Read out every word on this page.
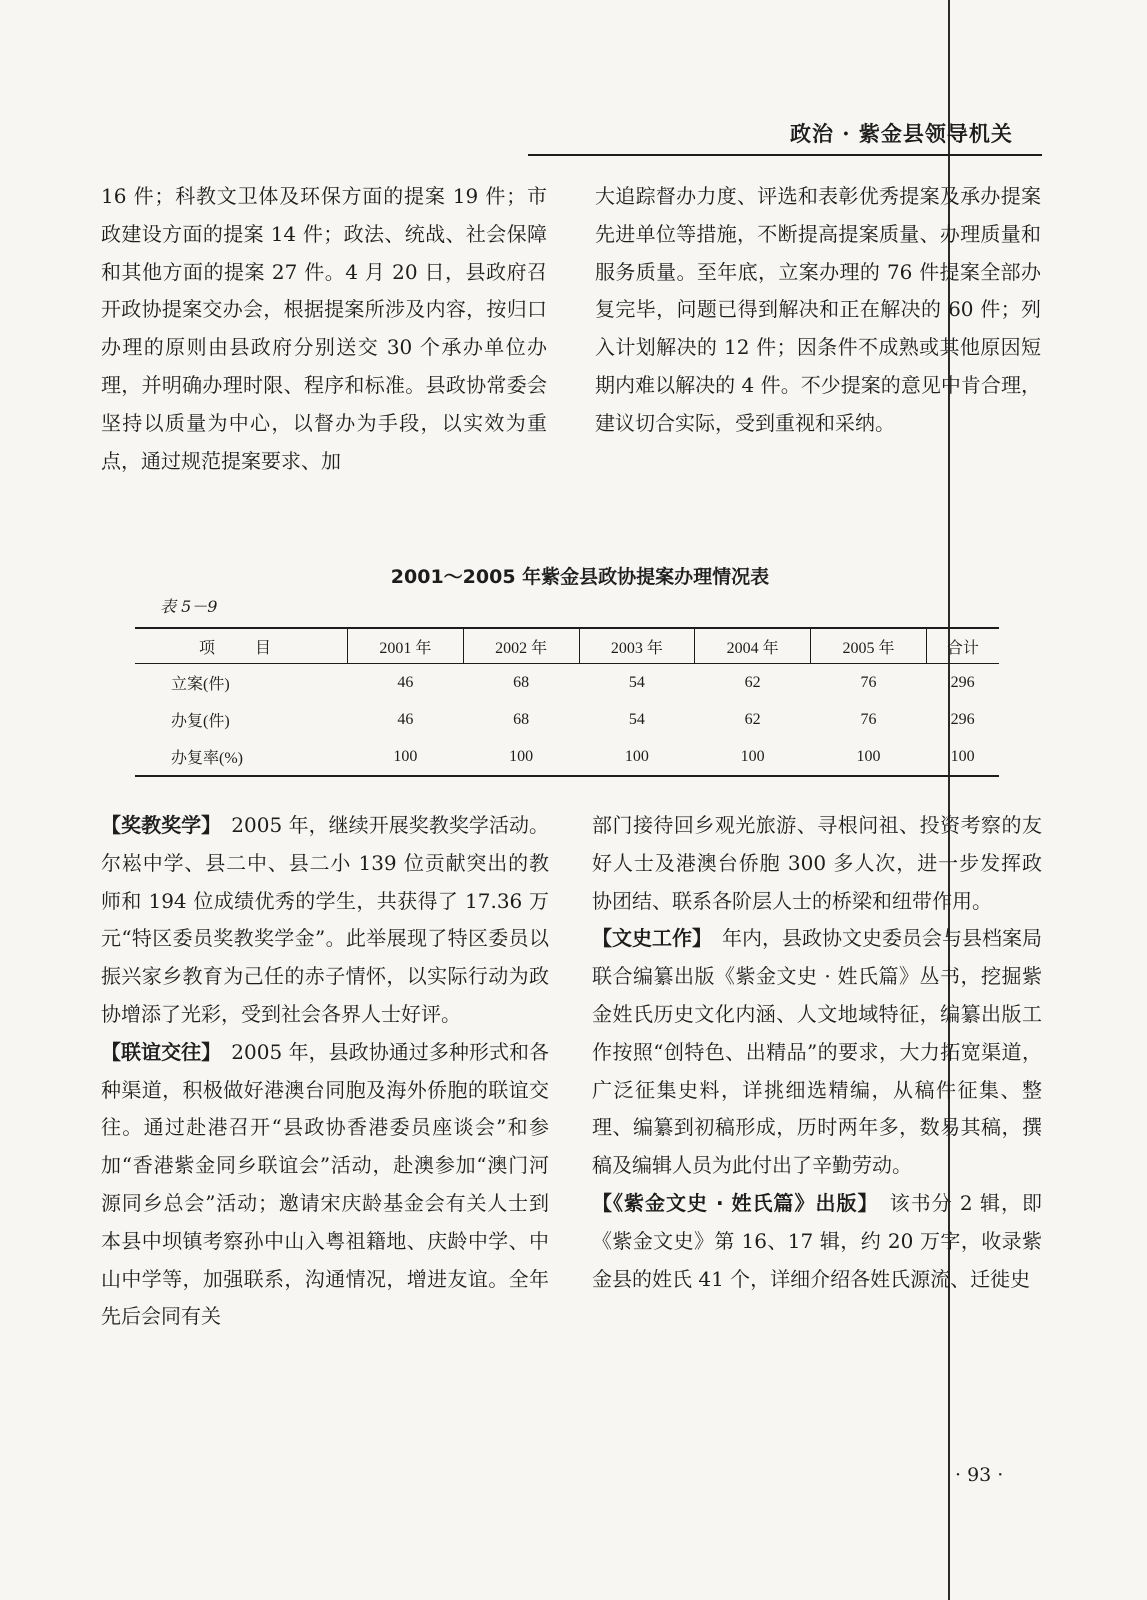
政治 · 紫金县领导机关

16 件；科教文卫体及环保方面的提案 19 件；市政建设方面的提案 14 件；政法、统战、社会保障和其他方面的提案 27 件。4 月 20 日，县政府召开政协提案交办会，根据提案所涉及内容，按归口办理的原则由县政府分别送交 30 个承办单位办理，并明确办理时限、程序和标准。县政协常委会坚持以质量为中心，以督办为手段，以实效为重点，通过规范提案要求、加

大追踪督办力度、评选和表彰优秀提案及承办提案先进单位等措施，不断提高提案质量、办理质量和服务质量。至年底，立案办理的 76 件提案全部办复完毕，问题已得到解决和正在解决的 60 件；列入计划解决的 12 件；因条件不成熟或其他原因短期内难以解决的 4 件。不少提案的意见中肯合理，建议切合实际，受到重视和采纳。

2001～2005 年紫金县政协提案办理情况表
表 5－9
项　目	2001 年	2002 年	2003 年	2004 年	2005 年	合计
立案(件)	46	68	54	62	76	296
办复(件)	46	68	54	62	76	296
办复率(%)	100	100	100	100	100	100

【奖教奖学】　 2005 年，继续开展奖教奖学活动。尔崧中学、县二中、县二小 139 位贡献突出的教师和 194 位成绩优秀的学生，共获得了 17.36 万元“特区委员奖教奖学金”。此举展现了特区委员以振兴家乡教育为己任的赤子情怀，以实际行动为政协增添了光彩，受到社会各界人士好评。

【联谊交往】　 2005 年，县政协通过多种形式和各种渠道，积极做好港澳台同胞及海外侨胞的联谊交往。通过赴港召开“县政协香港委员座谈会”和参加“香港紫金同乡联谊会”活动，赴澳参加“澳门河源同乡总会”活动；邀请宋庆龄基金会有关人士到本县中坝镇考察孙中山入粤祖籍地、庆龄中学、中山中学等，加强联系，沟通情况，增进友谊。全年先后会同有关

部门接待回乡观光旅游、寻根问祖、投资考察的友好人士及港澳台侨胞 300 多人次，进一步发挥政协团结、联系各阶层人士的桥梁和纽带作用。

【文史工作】　 年内，县政协文史委员会与县档案局联合编纂出版《紫金文史 · 姓氏篇》丛书，挖掘紫金姓氏历史文化内涵、人文地域特征，编纂出版工作按照“创特色、出精品”的要求，大力拓宽渠道，广泛征集史料，详挑细选精编，从稿件征集、整理、编纂到初稿形成，历时两年多，数易其稿，撰稿及编辑人员为此付出了辛勤劳动。

【《紫金文史 · 姓氏篇》出版】　 该书分 2 辑，即《紫金文史》第 16、17 辑，约 20 万字，收录紫金县的姓氏 41 个，详细介绍各姓氏源流、迁徙史

· 93 ·
